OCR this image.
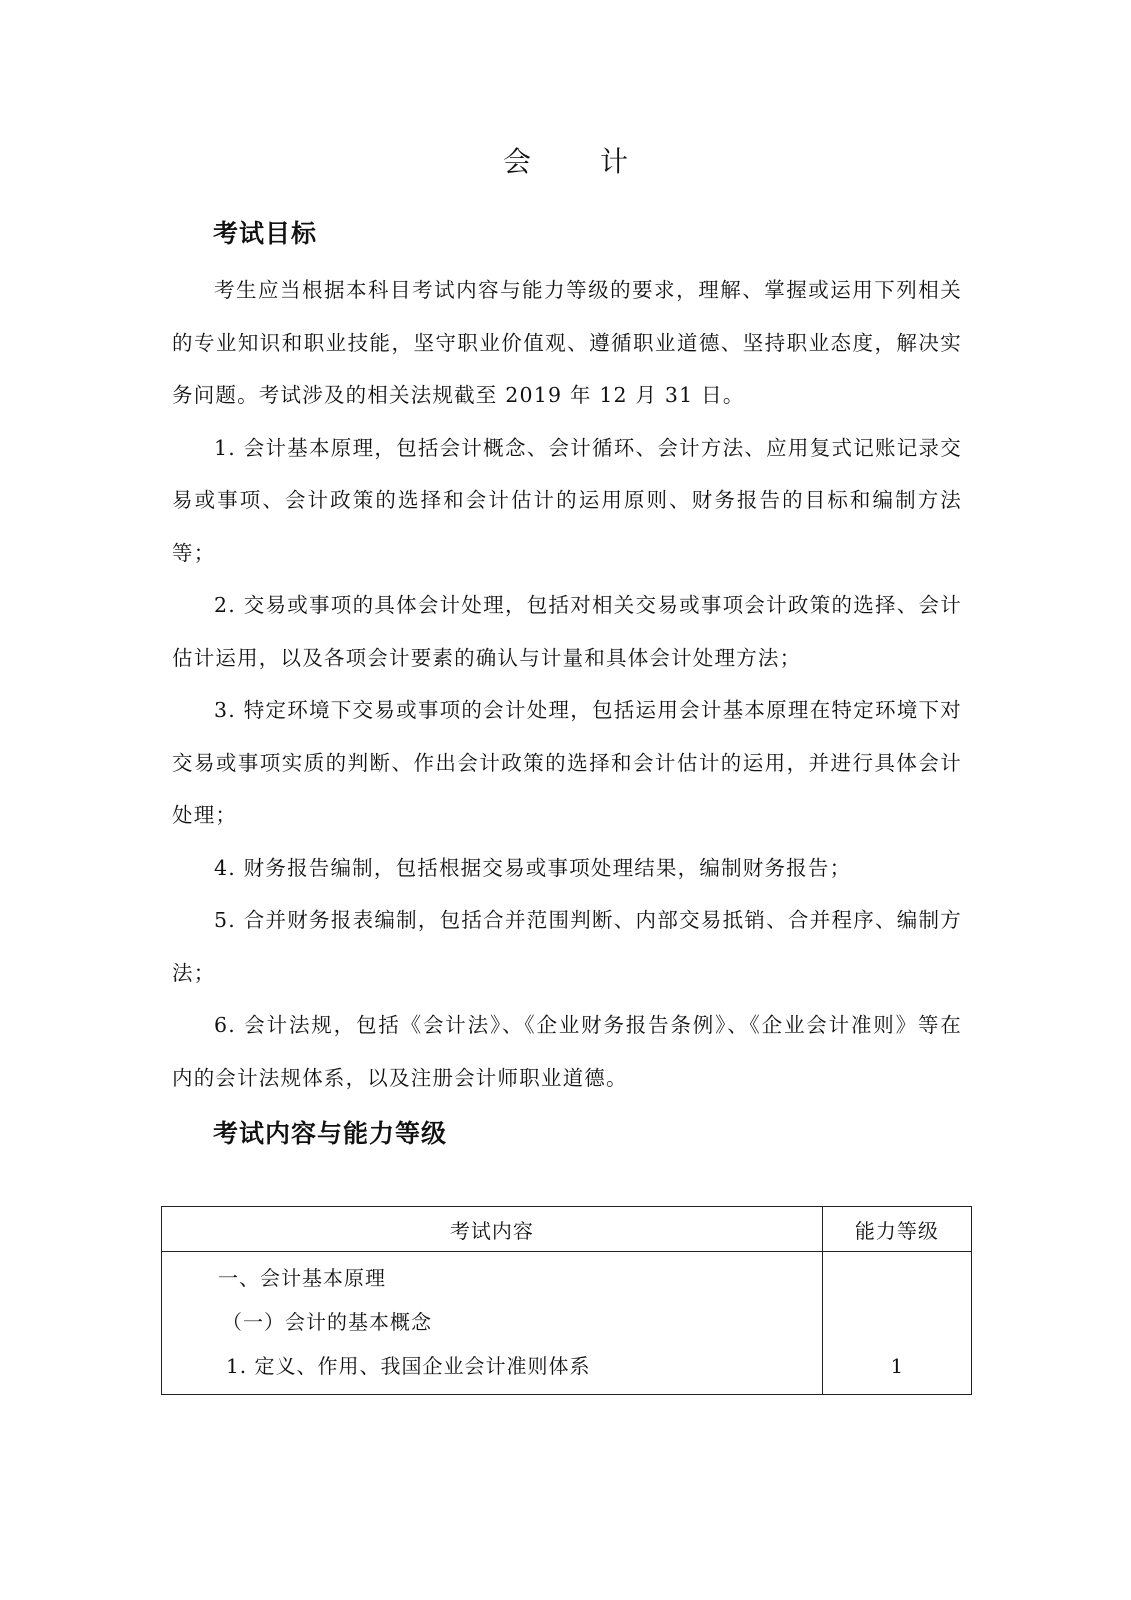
会 计
考试目标

考生应当根据本科目考试内容与能力等级的要求，理解、掌握或运用下列相关的专业知识和职业技能，坚守职业价值观、遵循职业道德、坚持职业态度，解决实务问题。考试涉及的相关法规截至 2019 年 12 月 31 日。

1. 会计基本原理，包括会计概念、会计循环、会计方法、应用复式记账记录交易或事项、会计政策的选择和会计估计的运用原则、财务报告的目标和编制方法等；

2. 交易或事项的具体会计处理，包括对相关交易或事项会计政策的选择、会计估计运用，以及各项会计要素的确认与计量和具体会计处理方法；

3. 特定环境下交易或事项的会计处理，包括运用会计基本原理在特定环境下对交易或事项实质的判断、作出会计政策的选择和会计估计的运用，并进行具体会计处理；

4. 财务报告编制，包括根据交易或事项处理结果，编制财务报告；

5. 合并财务报表编制，包括合并范围判断、内部交易抵销、合并程序、编制方法；

6. 会计法规，包括《会计法》、《企业财务报告条例》、《企业会计准则》等在内的会计法规体系，以及注册会计师职业道德。

考试内容与能力等级
考试内容	能力等级

一、会计基本原理
（一）会计的基本概念
1. 定义、作用、我国企业会计准则体系	1
